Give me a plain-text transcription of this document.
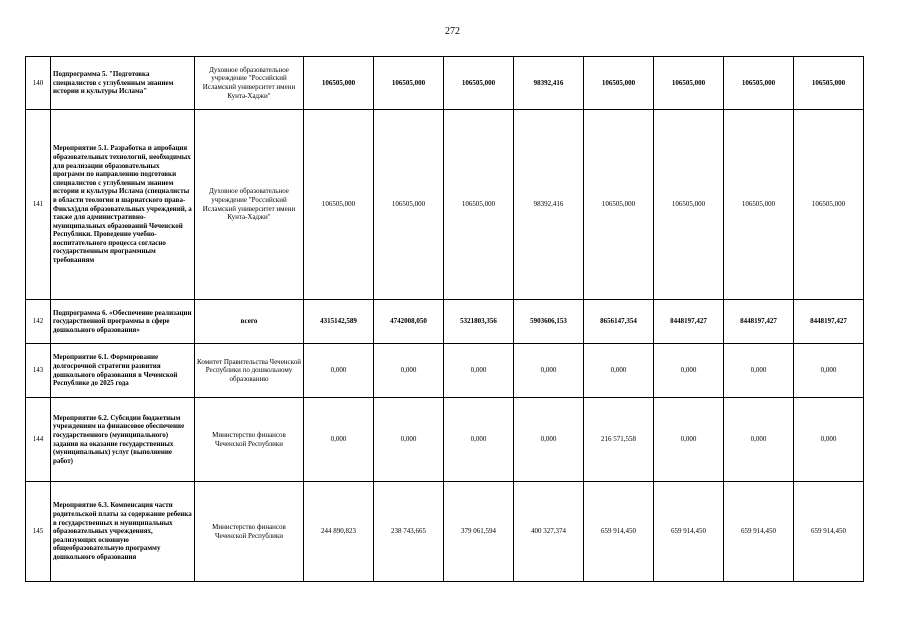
272
140	Подпрограмма 5. "Подготовка специалистов с углубленным знанием истории и культуры Ислама"	Духовное образовательное учреждение "Российский Исламский университет имени Кунта-Хаджи"	106505,000	106505,000	106505,000	98392,416	106505,000	106505,000	106505,000	106505,000
141	Мероприятие 5.1. Разработка и апробация образовательных технологий, необходимых для реализации образовательных программ по направлению подготовки специалистов с углубленным знанием истории и культуры Ислама (специалисты в области теологии и шариатского права-Фикъх)для образовательных учреждений, а также для административно-муниципальных образований Чеченской Республики. Проведение учебно-воспитательного процесса согласно государственным программным требованиям	Духовное образовательное учреждение "Российский Исламский университет имени Кунта-Хаджи"	106505,000	106505,000	106505,000	98392,416	106505,000	106505,000	106505,000	106505,000
142	Подпрограмма 6. «Обеспечение реализации государственной программы в сфере дошкольного образования»	всего	4315142,589	4742008,050	5321803,356	5903606,153	8656147,354	8448197,427	8448197,427	8448197,427
143	Мероприятие 6.1. Формирование долгосрочной стратегии развития дошкольного образования в Чеченской Республике до 2025 года	Комитет Правительства Чеченской Республики по дошкольному образованию	0,000	0,000	0,000	0,000	0,000	0,000	0,000	0,000
144	Мероприятие 6.2. Субсидии бюджетным учреждениям на финансовое обеспечение государственного (муниципального) задания на оказание государственных (муниципальных) услуг (выполнение работ)	Министерство финансов Чеченской Республики	0,000	0,000	0,000	0,000	216 571,558	0,000	0,000	0,000
145	Мероприятие 6.3. Компенсация части родительской платы за содержание ребенка в государственных и муниципальных образовательных учреждениях, реализующих основную общеобразовательную программу дошкольного образования	Министерство финансов Чеченской Республики	244 890,823	238 743,665	379 061,594	400 327,374	659 914,450	659 914,450	659 914,450	659 914,450
